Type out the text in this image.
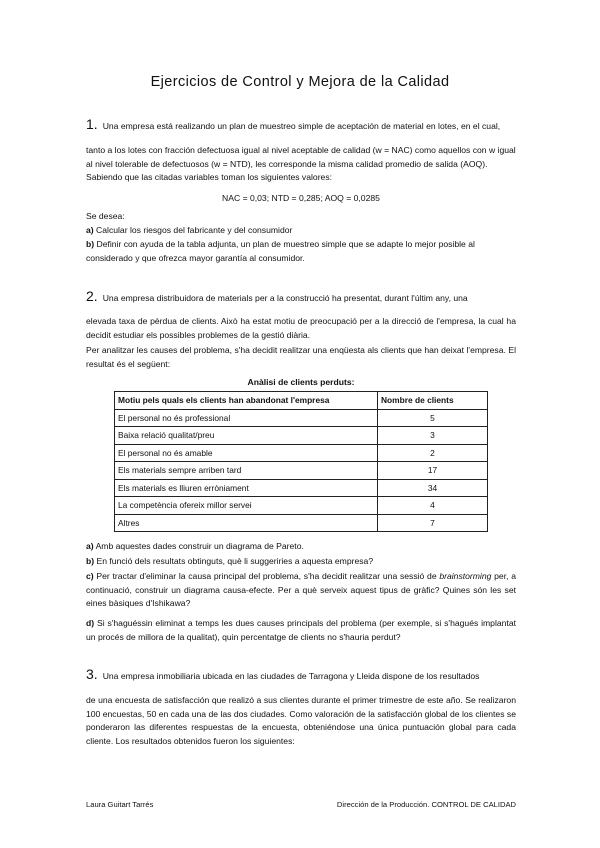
Ejercicios de Control y Mejora de la Calidad
1. Una empresa está realizando un plan de muestreo simple de aceptación de material en lotes, en el cual,
tanto a los lotes con fracción defectuosa igual al nivel aceptable de calidad (w = NAC) como aquellos con w igual al nivel tolerable de defectuosos (w = NTD), les corresponde la misma calidad promedio de salida (AOQ). Sabiendo que las citadas variables toman los siguientes valores:
NAC = 0,03; NTD = 0,285; AOQ = 0,0285
Se desea:
a) Calcular los riesgos del fabricante y del consumidor
b) Definir con ayuda de la tabla adjunta, un plan de muestreo simple que se adapte lo mejor posible al considerado y que ofrezca mayor garantía al consumidor.
2. Una empresa distribuidora de materials per a la construcció ha presentat, durant l'últim any, una
elevada taxa de pèrdua de clients. Això ha estat motiu de preocupació per a la direcció de l'empresa, la cual ha decidit estudiar els possibles problemes de la gestió diària.
Per analitzar les causes del problema, s'ha decidit realitzar una enqüesta als clients que han deixat l'empresa. El resultat és el següent:
Anàlisi de clients perduts:
Motiu pels quals els clients han abandonat l'empresa	Nombre de clients
El personal no és professional	5
Baixa relació qualitat/preu	3
El personal no és amable	2
Els materials sempre arriben tard	17
Els materials es lliuren erròniament	34
La competència ofereix millor servei	4
Altres	7
a) Amb aquestes dades construir un diagrama de Pareto.
b) En funció dels resultats obtinguts, què li suggeriries a aquesta empresa?
c) Per tractar d'eliminar la causa principal del problema, s'ha decidit realitzar una sessió de brainstorming per, a continuació, construir un diagrama causa-efecte. Per a què serveix aquest tipus de gràfic? Quines són les set eines bàsiques d'Ishikawa?
d) Si s'haguéssin eliminat a temps les dues causes principals del problema (per exemple, si s'hagués implantat un procés de millora de la qualitat), quin percentatge de clients no s'hauria perdut?
3. Una empresa inmobiliaria ubicada en las ciudades de Tarragona y Lleida dispone de los resultados
de una encuesta de satisfacción que realizó a sus clientes durante el primer trimestre de este año. Se realizaron 100 encuestas, 50 en cada una de las dos ciudades. Como valoración de la satisfacción global de los clientes se ponderaron las diferentes respuestas de la encuesta, obteniéndose una única puntuación global para cada cliente. Los resultados obtenidos fueron los siguientes:
Laura Guitart Tarrés	Dirección de la Producción. CONTROL DE CALIDAD
